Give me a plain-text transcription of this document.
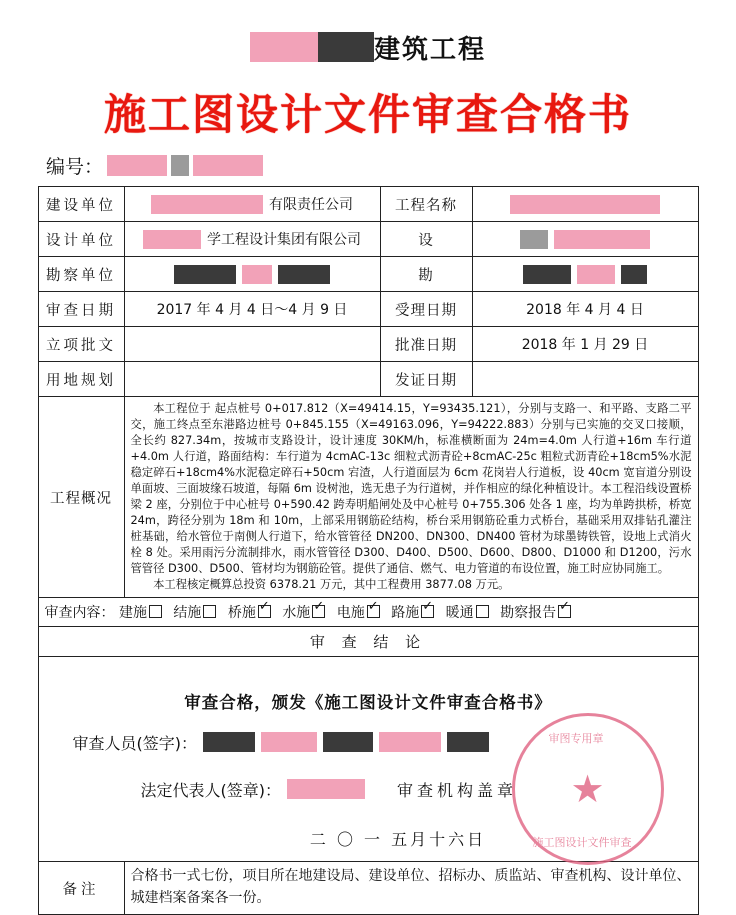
建筑工程
施工图设计文件审查合格书
编号：
建设单位	有限责任公司	工程名称	

设计单位	学工程设计集团有限公司	设	

勘察单位		勘	

审查日期	2017 年 4 月 4 日～4 月 9 日	受理日期	2018 年 4 月 4 日
立项批文		批准日期	2018 年 1 月 29 日
用地规划		发证日期	
工程概况	本工程位于 起点桩号 0+017.812（X=49414.15，Y=93435.121），分别与支路一、和平路、支路二平交，施工终点至东港路边桩号 0+845.155（X=49163.096，Y=94222.883）分别与已实施的交叉口接顺，全长约 827.34m，按城市支路设计，设计速度 30KM/h，标准横断面为 24m=4.0m 人行道+16m 车行道+4.0m 人行道，路面结构：车行道为 4cmAC-13c 细粒式沥青砼+8cmAC-25c 粗粒式沥青砼+18cm5%水泥稳定碎石+18cm4%水泥稳定碎石+50cm 宕渣，人行道面层为 6cm 花岗岩人行道板，设 40cm 宽盲道分别设单面坡、三面坡缘石坡道，每隔 6m 设树池，选无患子为行道树，并作相应的绿化种植设计。本工程沿线设置桥梁 2 座，分别位于中心桩号 0+590.42 跨寿明船闸处及中心桩号 0+755.306 处各 1 座，均为单跨拱桥，桥宽 24m，跨径分别为 18m 和 10m，上部采用钢筋砼结构，桥台采用钢筋砼重力式桥台，基础采用双排钻孔灌注桩基础，给水管位于南侧人行道下，给水管管径 DN200、DN300、DN400 管材为球墨铸铁管，设地上式消火栓 8 处。采用雨污分流制排水，雨水管管径 D300、D400、D500、D600、D800、D1000 和 D1200，污水管管径 D300、D500、管材均为钢筋砼管。提供了通信、燃气、电力管道的布设位置，施工时应协同施工。

本工程核定概算总投资 6378.21 万元，其中工程费用 3877.08 万元。		

审查内容： 建施 结施 桥施 ✓ 水施 ✓ 电施 ✓ 路施 ✓ 暖通 勘察报告✓
审 查 结 论			

审查合格，颁发《施工图设计文件审查合格书》
审查人员(签字)：
法定代表人(签章)：	审查机构盖章
二 〇 一 五月十六日
★ 审图专用章
施工图设计文件审查

备注	合格书一式七份，项目所在地建设局、建设单位、招标办、质监站、审查机构、设计单位、城建档案备案各一份。		
